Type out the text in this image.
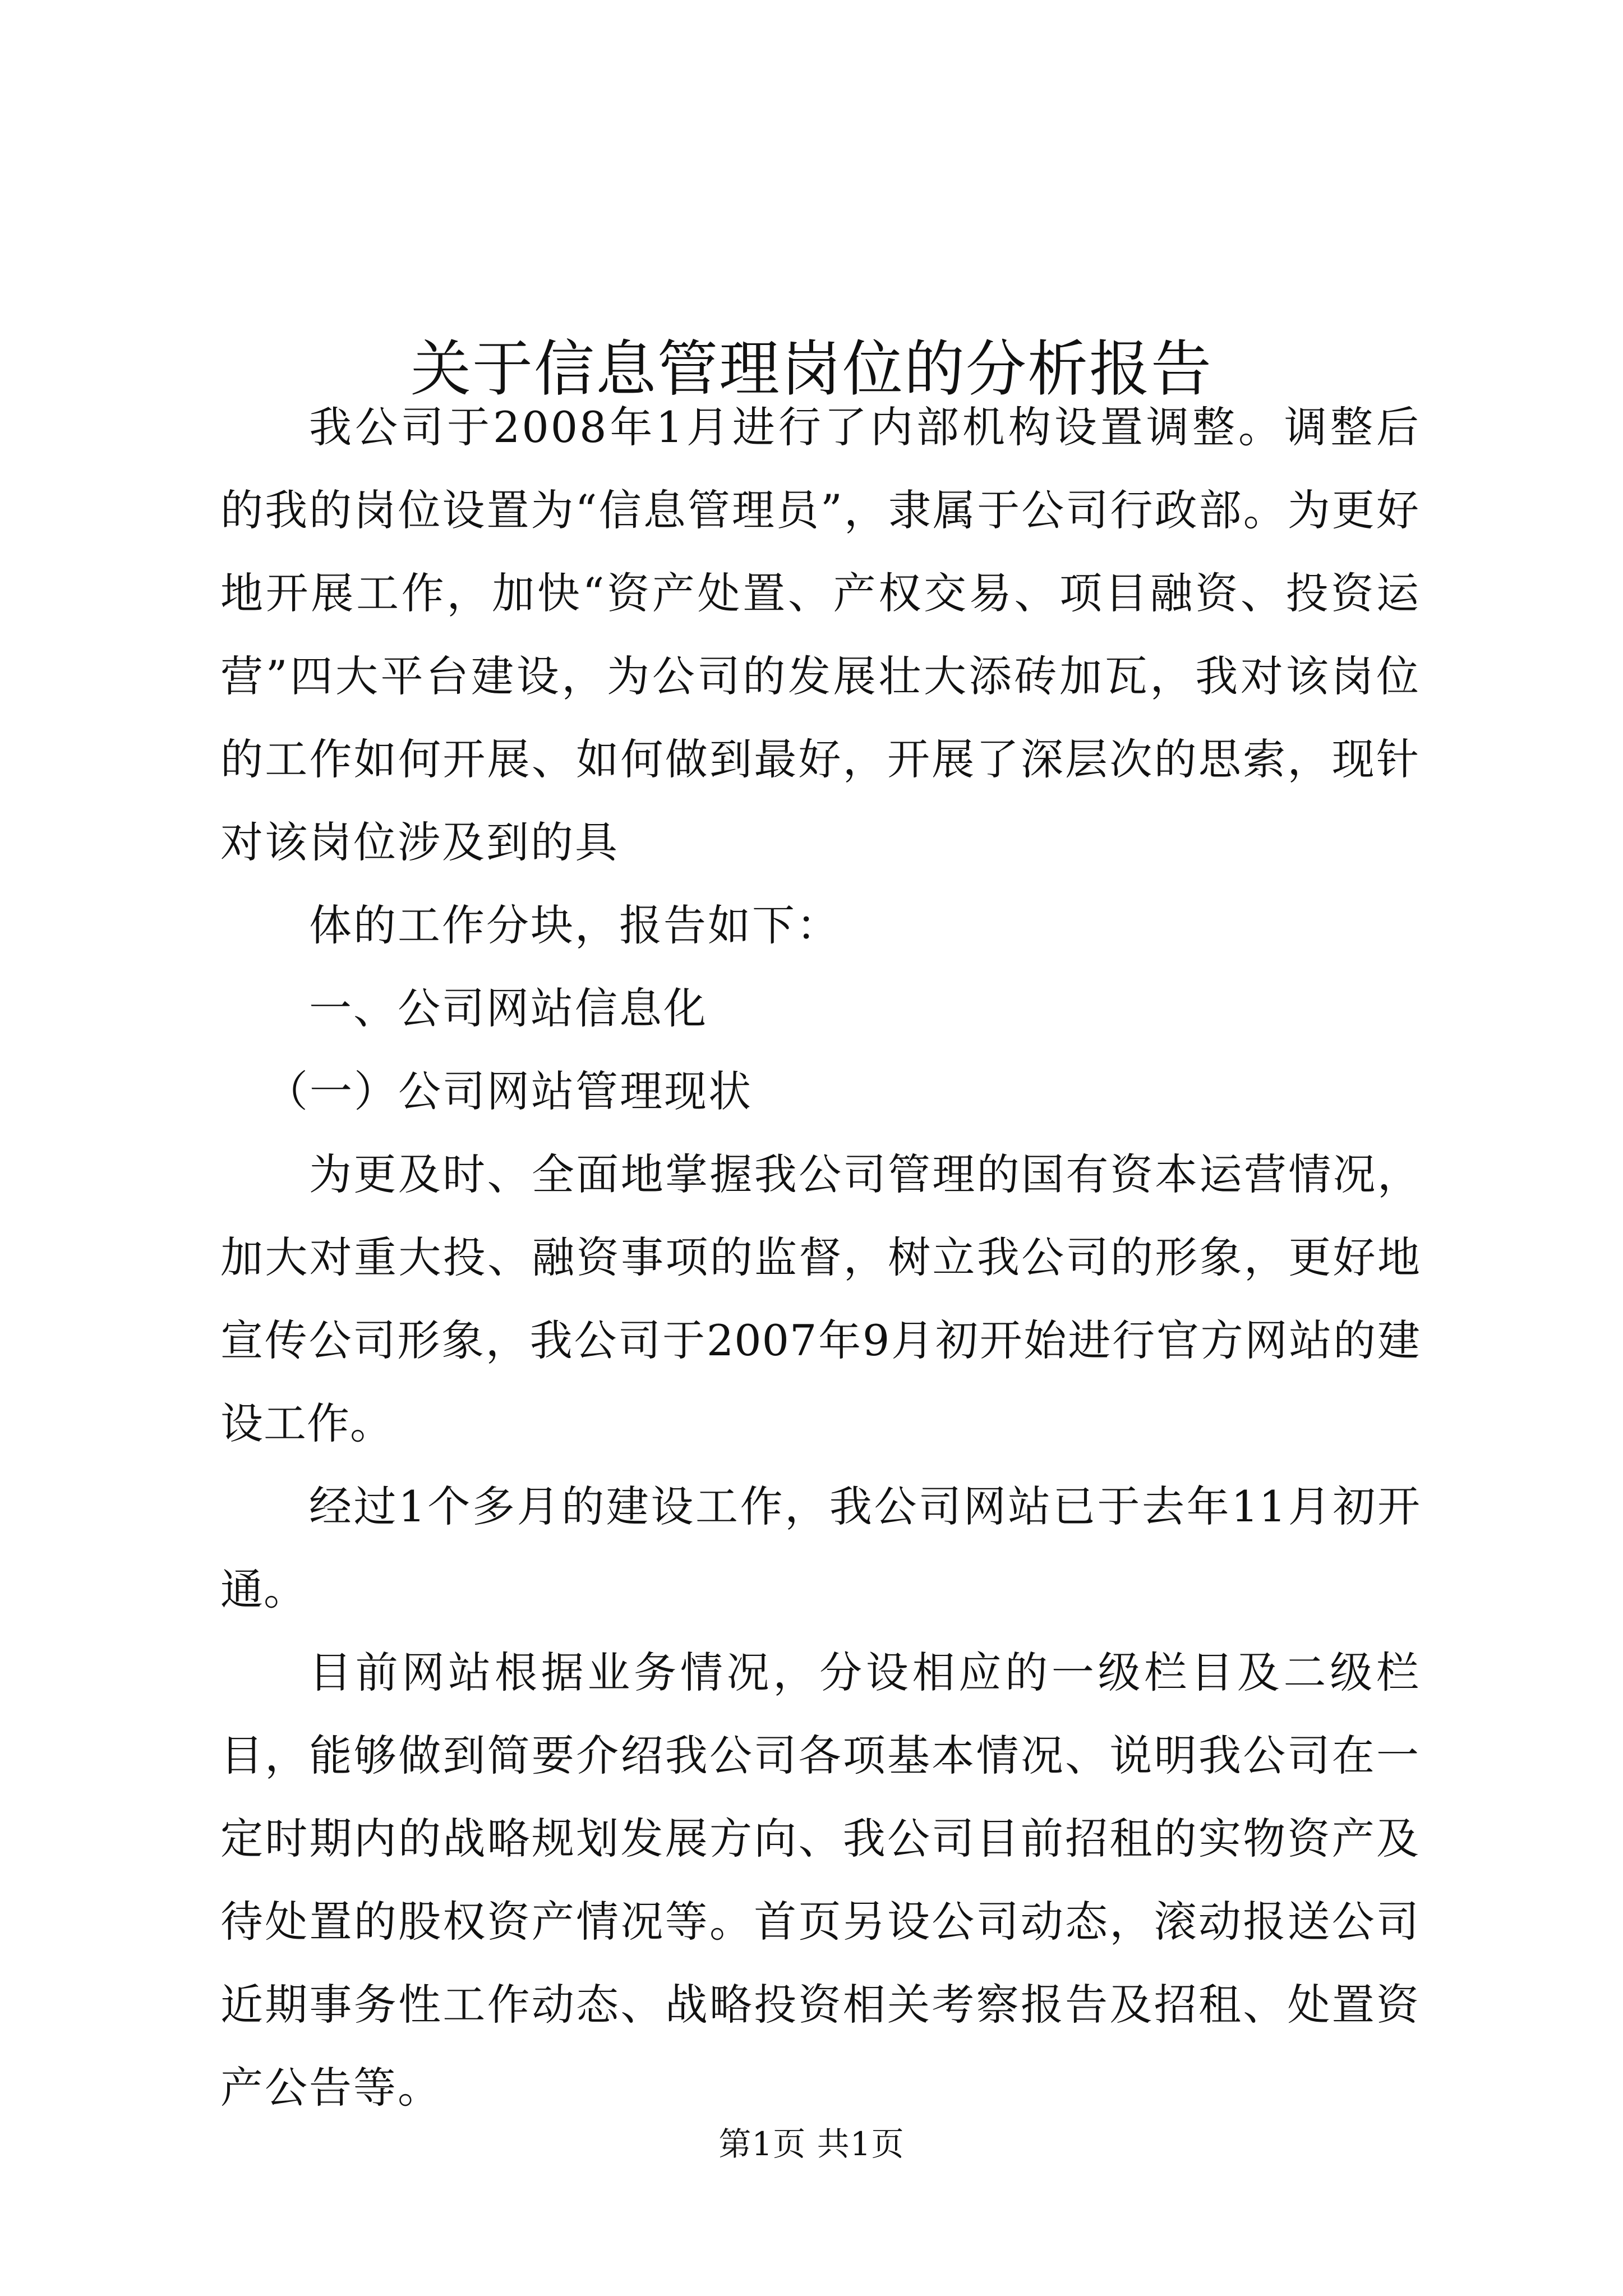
关于信息管理岗位的分析报告

我公司于2008年1月进行了内部机构设置调整。调整后的我的岗位设置为“信息管理员”，隶属于公司行政部。为更好地开展工作，加快“资产处置、产权交易、项目融资、投资运营”四大平台建设，为公司的发展壮大添砖加瓦，我对该岗位的工作如何开展、如何做到最好，开展了深层次的思索，现针对该岗位涉及到的具

体的工作分块，报告如下：

一、公司网站信息化

（一）公司网站管理现状

为更及时、全面地掌握我公司管理的国有资本运营情况，加大对重大投、融资事项的监督，树立我公司的形象，更好地宣传公司形象，我公司于2007年9月初开始进行官方网站的建设工作。

经过1个多月的建设工作，我公司网站已于去年11月初开通。

目前网站根据业务情况，分设相应的一级栏目及二级栏目，能够做到简要介绍我公司各项基本情况、说明我公司在一定时期内的战略规划发展方向、我公司目前招租的实物资产及待处置的股权资产情况等。首页另设公司动态，滚动报送公司近期事务性工作动态、战略投资相关考察报告及招租、处置资产公告等。

第1页 共1页
